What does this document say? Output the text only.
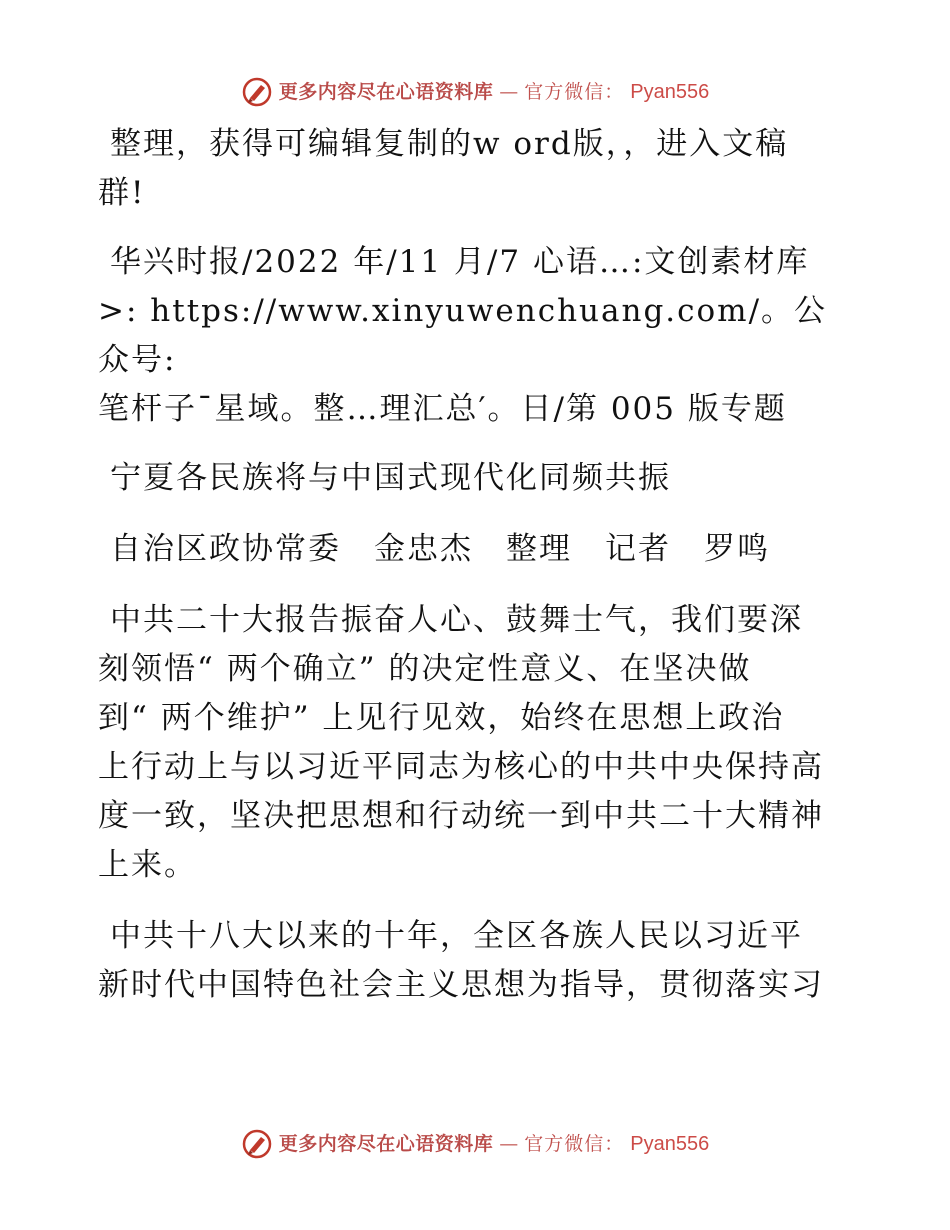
更多内容尽在心语资料库 — 官方微信： Pyan556

整理，获得可编辑复制的w ord版，，进入文稿
群!

华兴时报/2022 年/11 月/7 心语…:文创素材库
>: https://www.xinyuwenchuang.com/。公众号:
笔杆子¯星域。整…理汇总′。日/第 005 版专题

宁夏各民族将与中国式现代化同频共振

自治区政协常委　金忠杰　整理　记者　罗鸣

中共二十大报告振奋人心、鼓舞士气，我们要深
刻领悟“ 两个确立” 的决定性意义、在坚决做
到“ 两个维护” 上见行见效，始终在思想上政治
上行动上与以习近平同志为核心的中共中央保持高
度一致，坚决把思想和行动统一到中共二十大精神
上来。

中共十八大以来的十年，全区各族人民以习近平
新时代中国特色社会主义思想为指导，贯彻落实习

更多内容尽在心语资料库 — 官方微信： Pyan556
